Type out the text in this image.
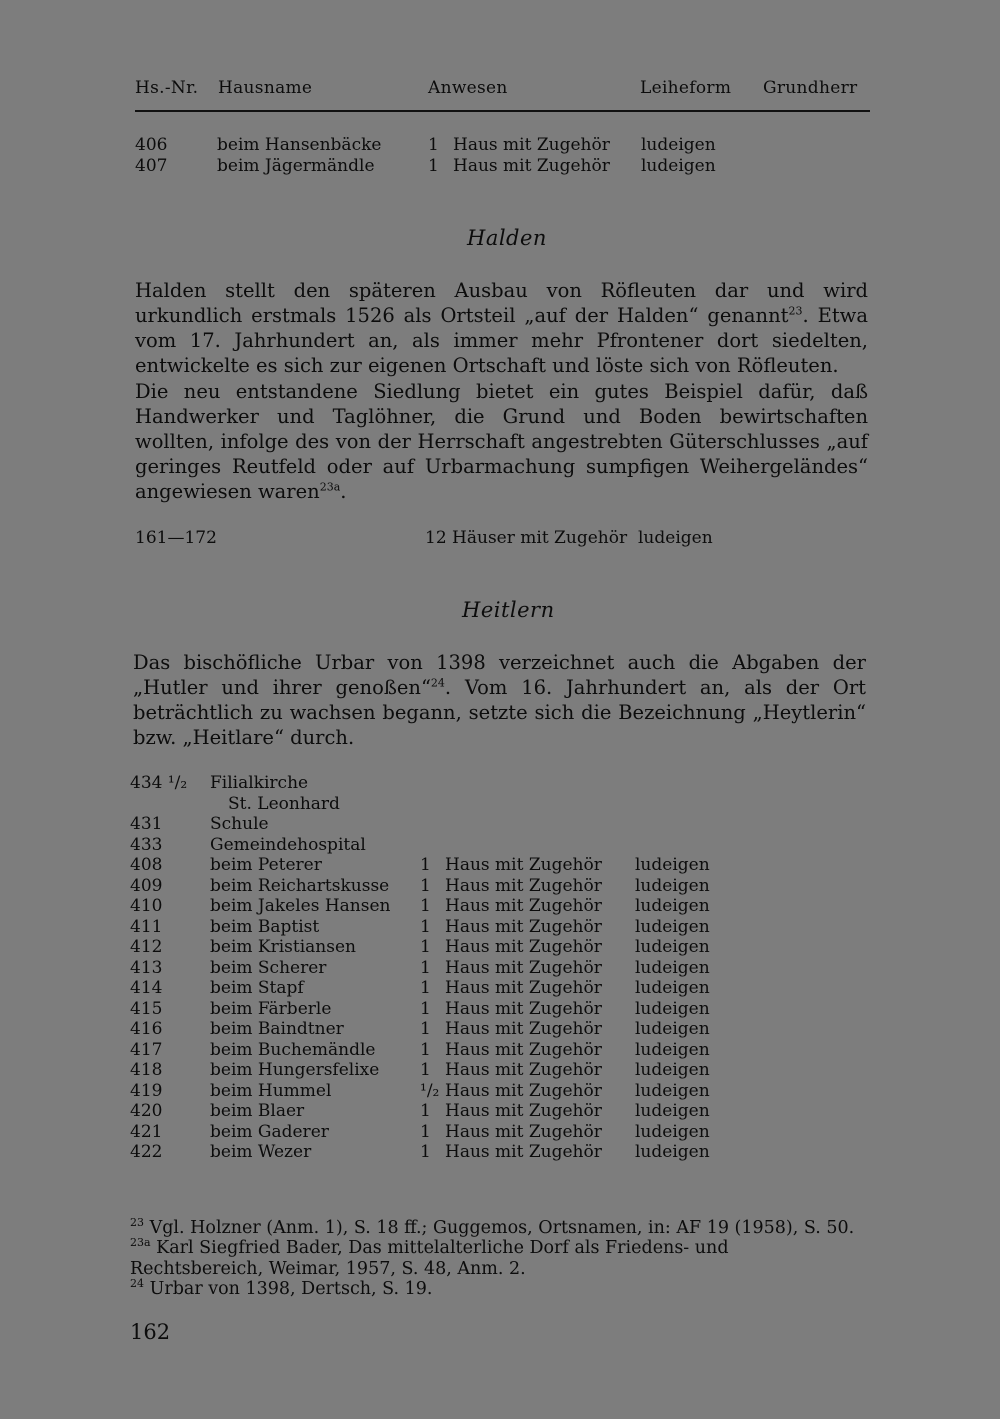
Hs.-Nr. Hausname	Anwesen	Leiheform Grundherr
406	beim Hansenbäcke	1 Haus mit Zugehör ludeigen
407	beim Jägermändle	1 Haus mit Zugehör ludeigen
Halden

Halden stellt den späteren Ausbau von Röfleuten dar und wird urkundlich erstmals 1526 als Ortsteil „auf der Halden“ genannt$^{23}$. Etwa vom 17. Jahrhundert an, als immer mehr Pfrontener dort siedelten, entwickelte es sich zur eigenen Ortschaft und löste sich von Röfleuten.

Die neu entstandene Siedlung bietet ein gutes Beispiel dafür, daß Handwerker und Taglöhner, die Grund und Boden bewirtschaften wollten, infolge des von der Herrschaft angestrebten Güterschlusses „auf geringes Reutfeld oder auf Urbarmachung sumpfigen Weihergeländes“ angewiesen waren$^{23a}$.

161—172	12 Häuser mit Zugehör ludeigen
Heitlern

Das bischöfliche Urbar von 1398 verzeichnet auch die Abgaben der „Hutler und ihrer genoßen“$^{24}$. Vom 16. Jahrhundert an, als der Ort beträchtlich zu wachsen begann, setzte sich die Bezeichnung „Heytlerin“ bzw. „Heitlare“ durch.

434 ¹/₂ Filialkirche
St. Leonhard
431	Schule
433	Gemeindehospital
408	beim Peterer	1 Haus mit Zugehör ludeigen
409	beim Reichartskusse 1 Haus mit Zugehör ludeigen
410	beim Jakeles Hansen 1 Haus mit Zugehör ludeigen
411	beim Baptist	1 Haus mit Zugehör ludeigen
412	beim Kristiansen	1 Haus mit Zugehör ludeigen
413	beim Scherer	1 Haus mit Zugehör ludeigen
414	beim Stapf	1 Haus mit Zugehör ludeigen
415	beim Färberle	1 Haus mit Zugehör ludeigen
416	beim Baindtner	1 Haus mit Zugehör ludeigen
417	beim Buchemändle	1 Haus mit Zugehör ludeigen
418	beim Hungersfelixe 1 Haus mit Zugehör ludeigen
419	beim Hummel	¹/₂ Haus mit Zugehör ludeigen
420	beim Blaer	1 Haus mit Zugehör ludeigen
421	beim Gaderer	1 Haus mit Zugehör ludeigen
422	beim Wezer	1 Haus mit Zugehör ludeigen

$^{23}$ Vgl. Holzner (Anm. 1), S. 18 ff.; Guggemos, Ortsnamen, in: AF 19 (1958), S. 50.

$^{23a}$ Karl Siegfried Bader, Das mittelalterliche Dorf als Friedens- und Rechtsbereich, Weimar, 1957, S. 48, Anm. 2.

$^{24}$ Urbar von 1398, Dertsch, S. 19.

162
